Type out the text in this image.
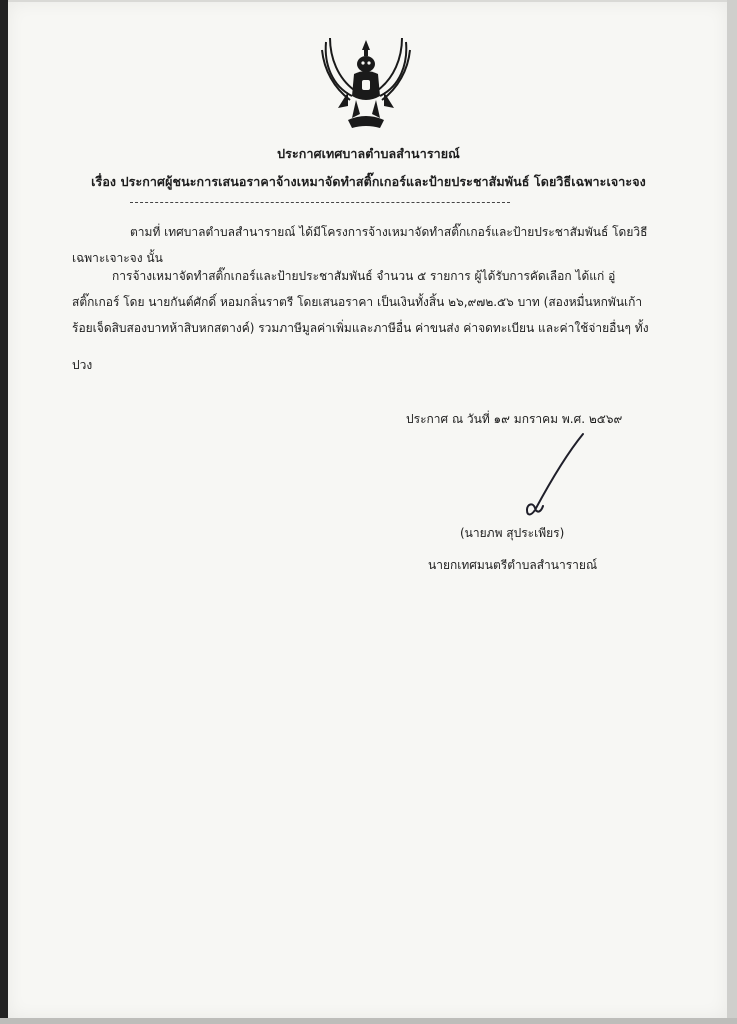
ประกาศเทศบาลตำบลสำนารายณ์
เรื่อง ประกาศผู้ชนะการเสนอราคาจ้างเหมาจัดทำสติ๊กเกอร์และป้ายประชาสัมพันธ์ โดยวิธีเฉพาะเจาะจง
ตามที่ เทศบาลตำบลสำนารายณ์ ได้มีโครงการจ้างเหมาจัดทำสติ๊กเกอร์และป้ายประชาสัมพันธ์ โดยวิธี
เฉพาะเจาะจง นั้น
การจ้างเหมาจัดทำสติ๊กเกอร์และป้ายประชาสัมพันธ์ จำนวน ๕ รายการ ผู้ได้รับการคัดเลือก ได้แก่ อู่
สติ๊กเกอร์ โดย นายกันต์ศักดิ์ หอมกลิ่นราตรี โดยเสนอราคา เป็นเงินทั้งสิ้น ๒๖,๙๗๒.๕๖ บาท (สองหมื่นหกพันเก้า
ร้อยเจ็ดสิบสองบาทห้าสิบหกสตางค์) รวมภาษีมูลค่าเพิ่มและภาษีอื่น ค่าขนส่ง ค่าจดทะเบียน และค่าใช้จ่ายอื่นๆ ทั้ง
ปวง
ประกาศ ณ วันที่ ๑๙ มกราคม พ.ศ. ๒๕๖๙
(นายภพ สุประเพียร)
นายกเทศมนตรีตำบลสำนารายณ์
